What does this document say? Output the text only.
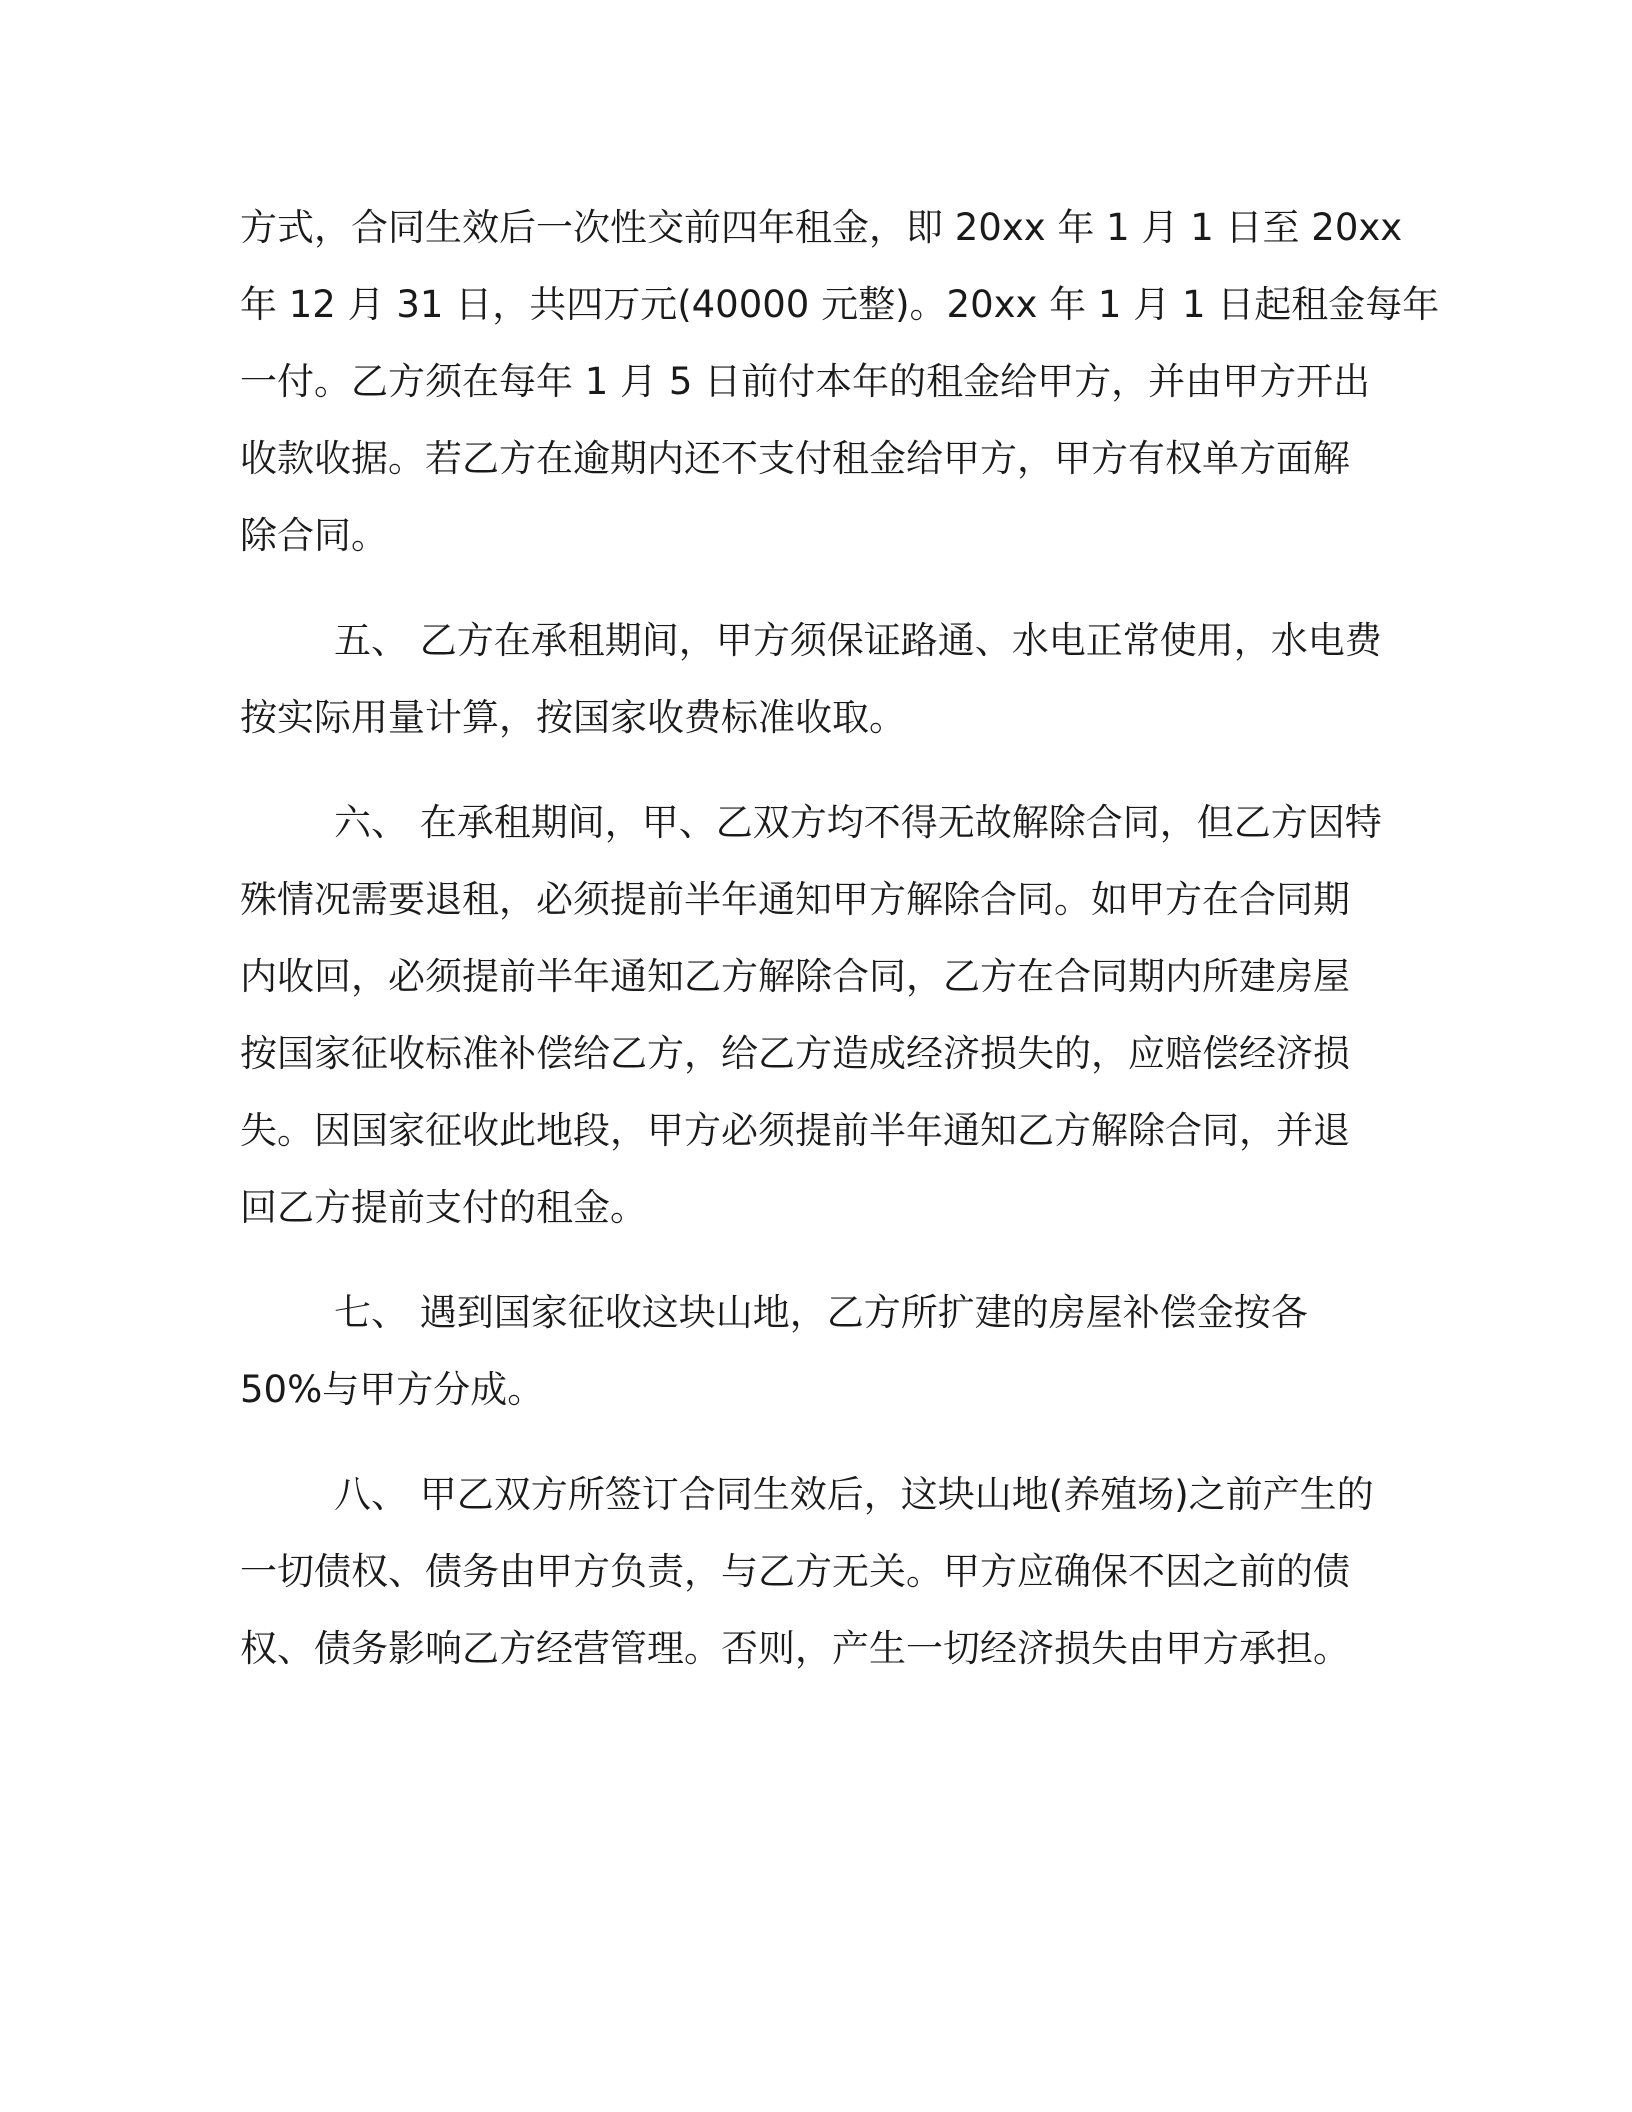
方式，合同生效后一次性交前四年租金，即 20xx 年 1 月 1 日至 20xx
年 12 月 31 日，共四万元(40000 元整)。20xx 年 1 月 1 日起租金每年
一付。乙方须在每年 1 月 5 日前付本年的租金给甲方，并由甲方开出
收款收据。若乙方在逾期内还不支付租金给甲方，甲方有权单方面解
除合同。

五、 乙方在承租期间，甲方须保证路通、水电正常使用，水电费
按实际用量计算，按国家收费标准收取。

六、 在承租期间，甲、乙双方均不得无故解除合同，但乙方因特
殊情况需要退租，必须提前半年通知甲方解除合同。如甲方在合同期
内收回，必须提前半年通知乙方解除合同，乙方在合同期内所建房屋
按国家征收标准补偿给乙方，给乙方造成经济损失的，应赔偿经济损
失。因国家征收此地段，甲方必须提前半年通知乙方解除合同，并退
回乙方提前支付的租金。

七、 遇到国家征收这块山地，乙方所扩建的房屋补偿金按各
50%与甲方分成。

八、 甲乙双方所签订合同生效后，这块山地(养殖场)之前产生的
一切债权、债务由甲方负责，与乙方无关。甲方应确保不因之前的债
权、债务影响乙方经营管理。否则，产生一切经济损失由甲方承担。
